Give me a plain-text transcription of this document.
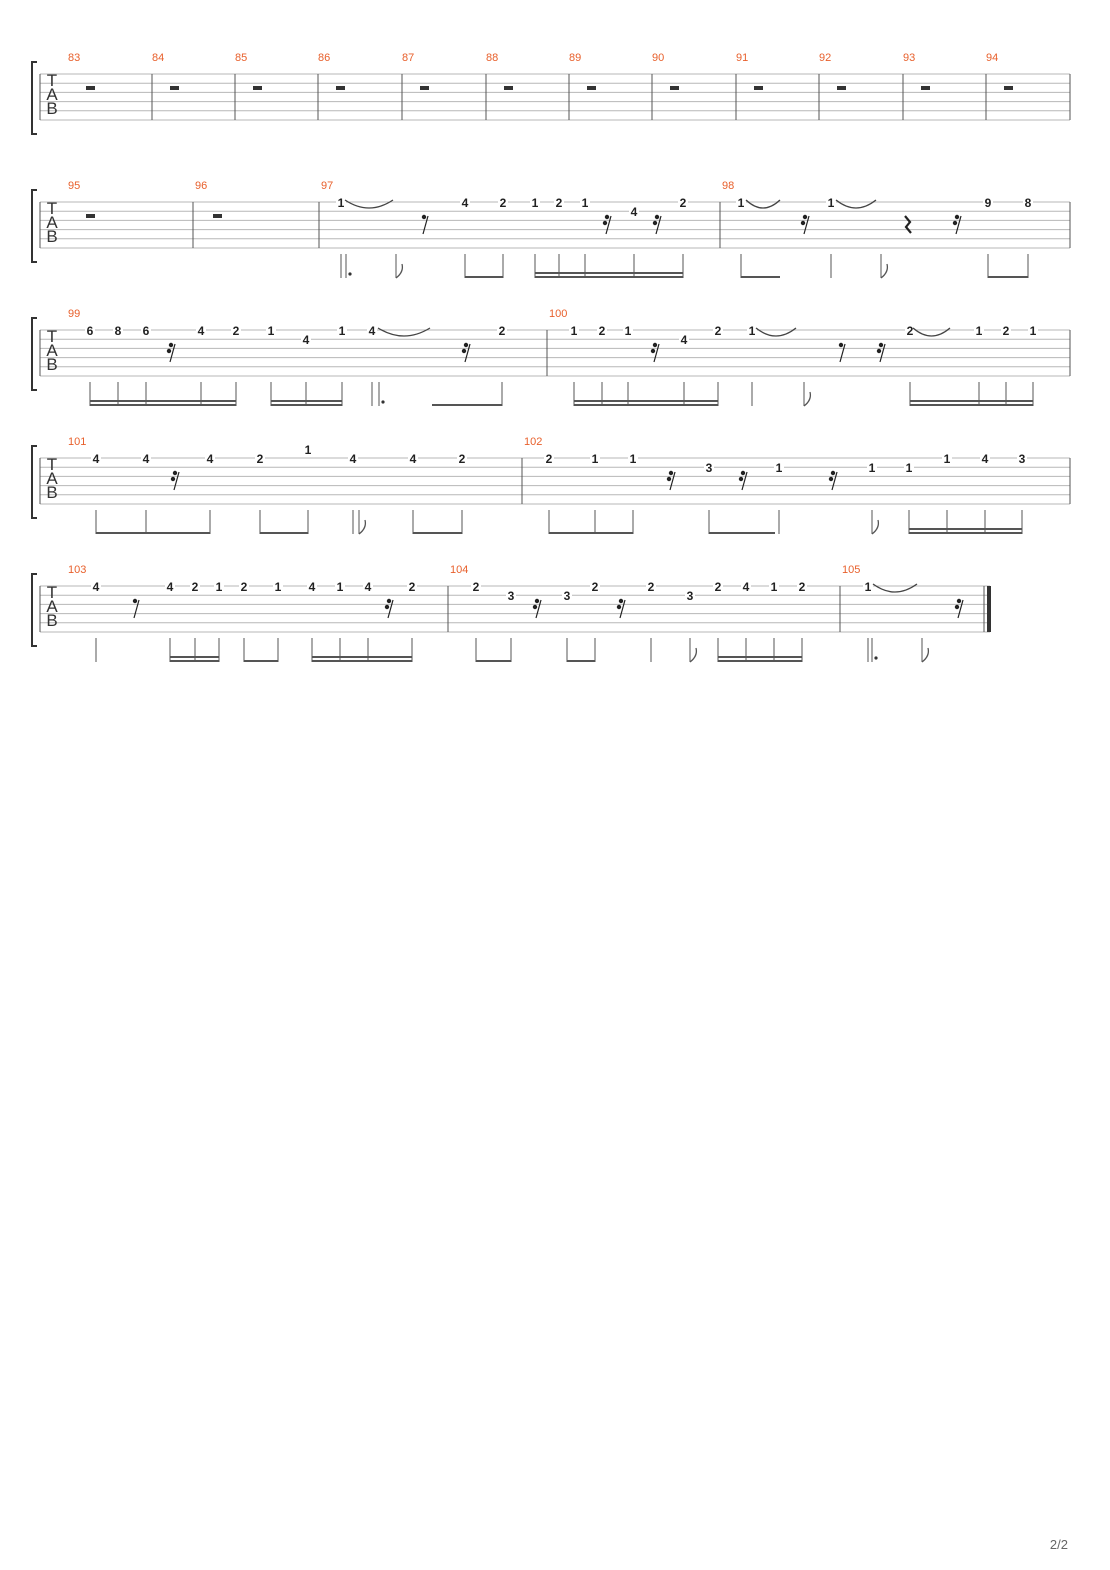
T
A
B
83	84	85	86	87	88	89	90	91	92	93	94
T
A
B
95	96	97
1	4	2 1 2 1
4
2
98
1	1	9	8
T
A
B
99
6 8 6	4 2 1
4
1 4	2
100
1 2 1
4
2 1	2	1 2 1
T
A
B
101
4	4	4	2
1
4	4	2
102
2	1	1
3	1	1	1
1	4	3
T
A
B
103
4	4 2 1 2 1 4 1 4	2
104
2
3	3
2	2
3
2 4 1 2
105
1
2/2
